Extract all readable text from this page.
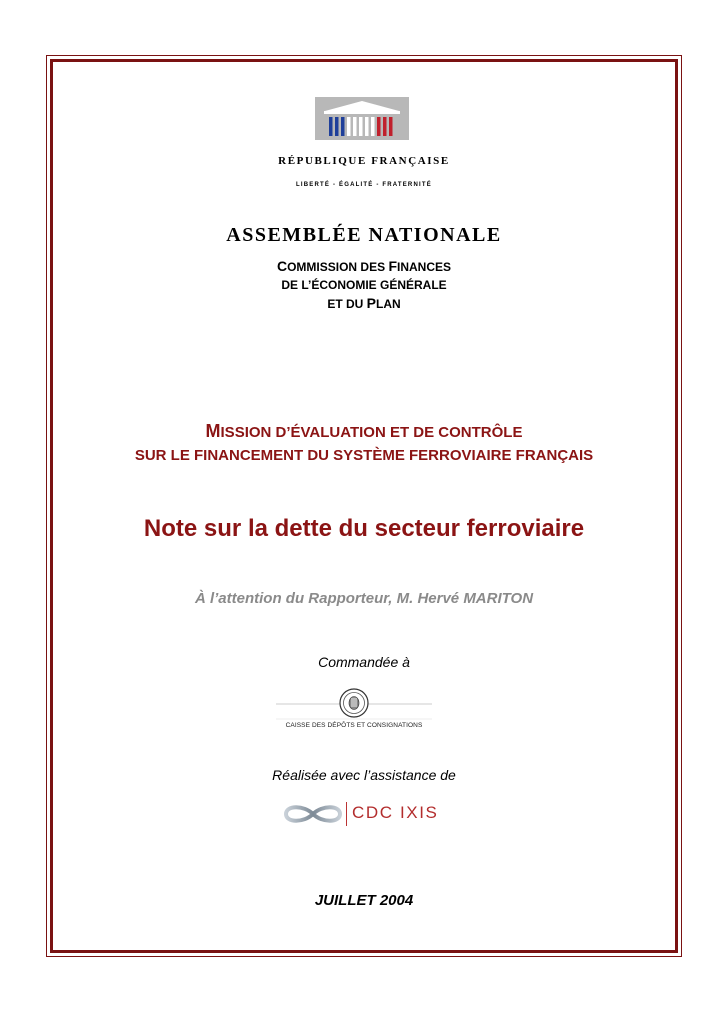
RÉPUBLIQUE FRANÇAISE
LIBERTÉ - ÉGALITÉ - FRATERNITÉ
ASSEMBLÉE NATIONALE
COMMISSION DES FINANCES
DE L’ÉCONOMIE GÉNÉRALE
ET DU PLAN
MISSION D’ÉVALUATION ET DE CONTRÔLE
SUR LE FINANCEMENT DU SYSTÈME FERROVIAIRE FRANÇAIS
Note sur la dette du secteur ferroviaire
À l’attention du Rapporteur, M. Hervé MARITON
Commandée à
CAISSE DES DÉPÔTS ET CONSIGNATIONS
Réalisée avec l’assistance de
CDC IXIS
JUILLET 2004
